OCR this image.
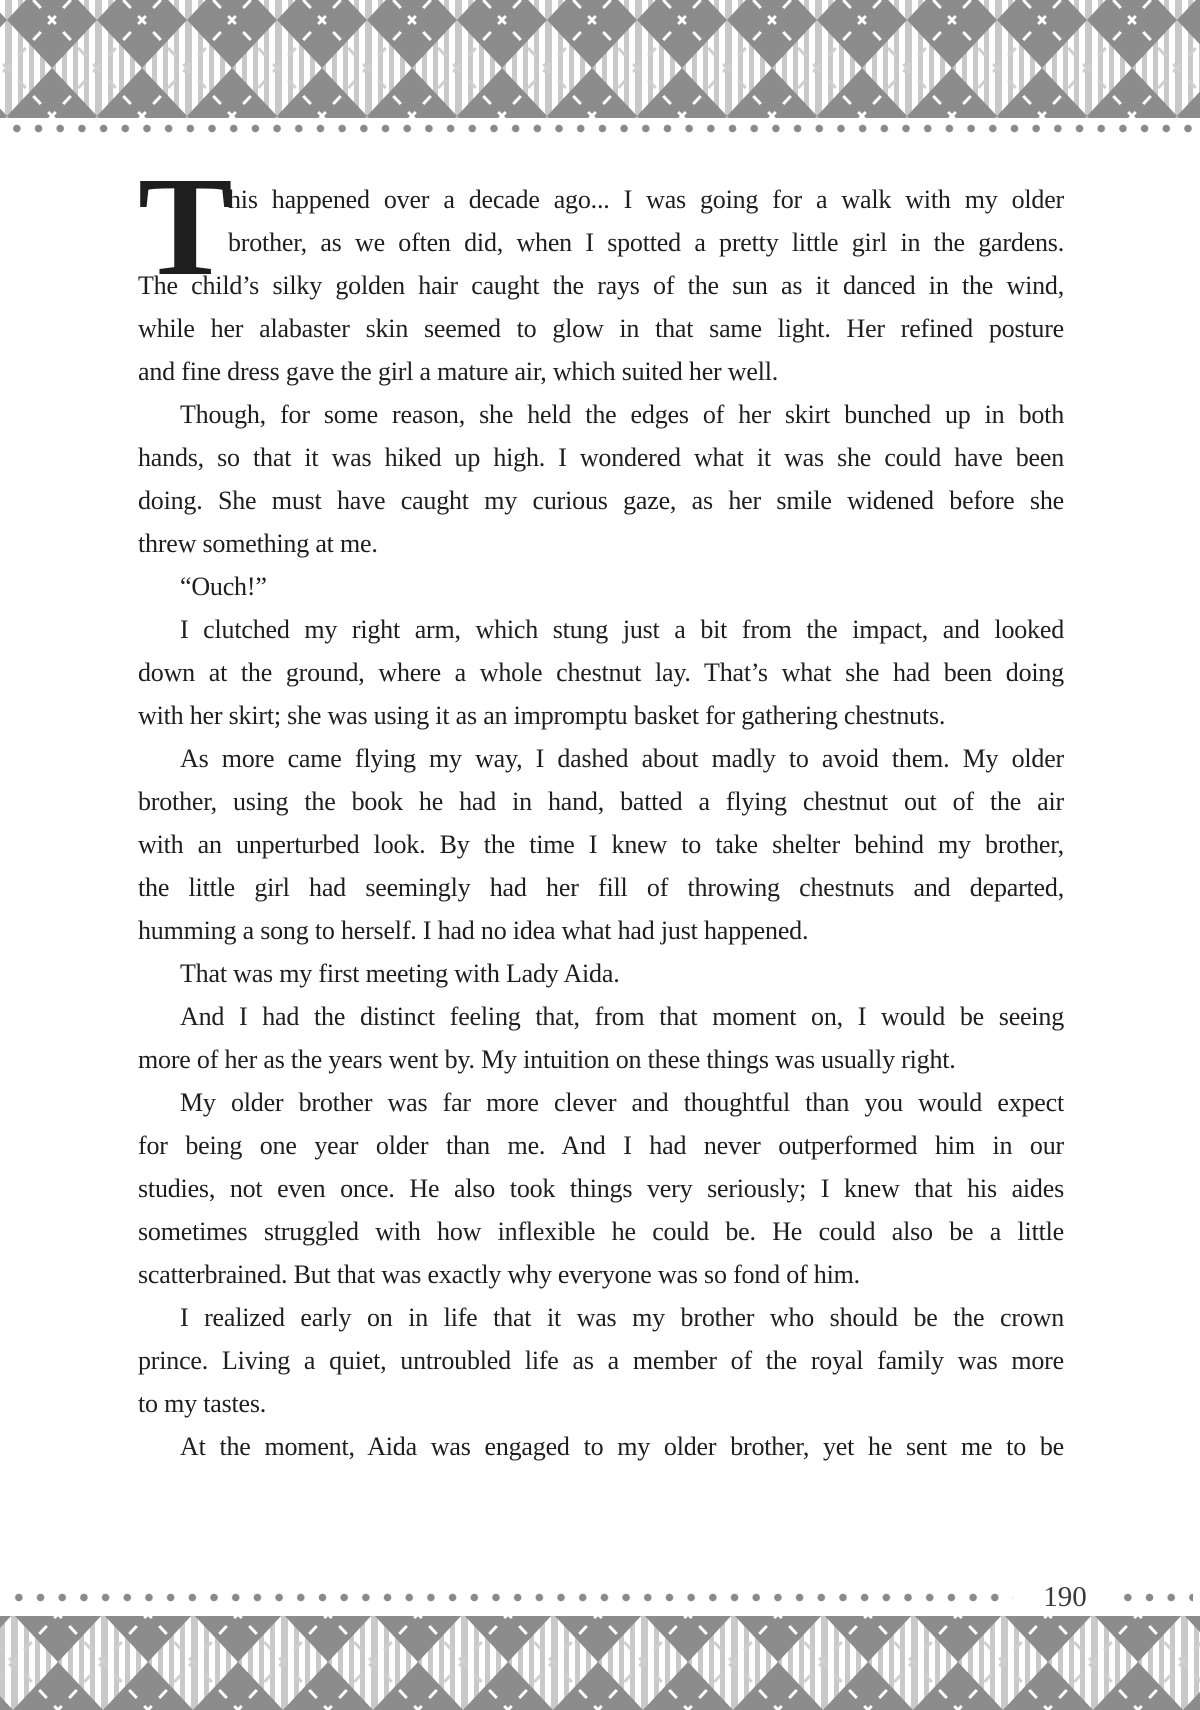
T
his happened over a decade ago... I was going for a walk with my older
brother, as we often did, when I spotted a pretty little girl in the gardens.
The child’s silky golden hair caught the rays of the sun as it danced in the wind,
while her alabaster skin seemed to glow in that same light. Her refined posture
and fine dress gave the girl a mature air, which suited her well.
Though, for some reason, she held the edges of her skirt bunched up in both
hands, so that it was hiked up high. I wondered what it was she could have been
doing. She must have caught my curious gaze, as her smile widened before she
threw something at me.
“Ouch!”
I clutched my right arm, which stung just a bit from the impact, and looked
down at the ground, where a whole chestnut lay. That’s what she had been doing
with her skirt; she was using it as an impromptu basket for gathering chestnuts.
As more came flying my way, I dashed about madly to avoid them. My older
brother, using the book he had in hand, batted a flying chestnut out of the air
with an unperturbed look. By the time I knew to take shelter behind my brother,
the little girl had seemingly had her fill of throwing chestnuts and departed,
humming a song to herself. I had no idea what had just happened.
That was my first meeting with Lady Aida.
And I had the distinct feeling that, from that moment on, I would be seeing
more of her as the years went by. My intuition on these things was usually right.
My older brother was far more clever and thoughtful than you would expect
for being one year older than me. And I had never outperformed him in our
studies, not even once. He also took things very seriously; I knew that his aides
sometimes struggled with how inflexible he could be. He could also be a little
scatterbrained. But that was exactly why everyone was so fond of him.
I realized early on in life that it was my brother who should be the crown
prince. Living a quiet, untroubled life as a member of the royal family was more
to my tastes.
At the moment, Aida was engaged to my older brother, yet he sent me to be
190
